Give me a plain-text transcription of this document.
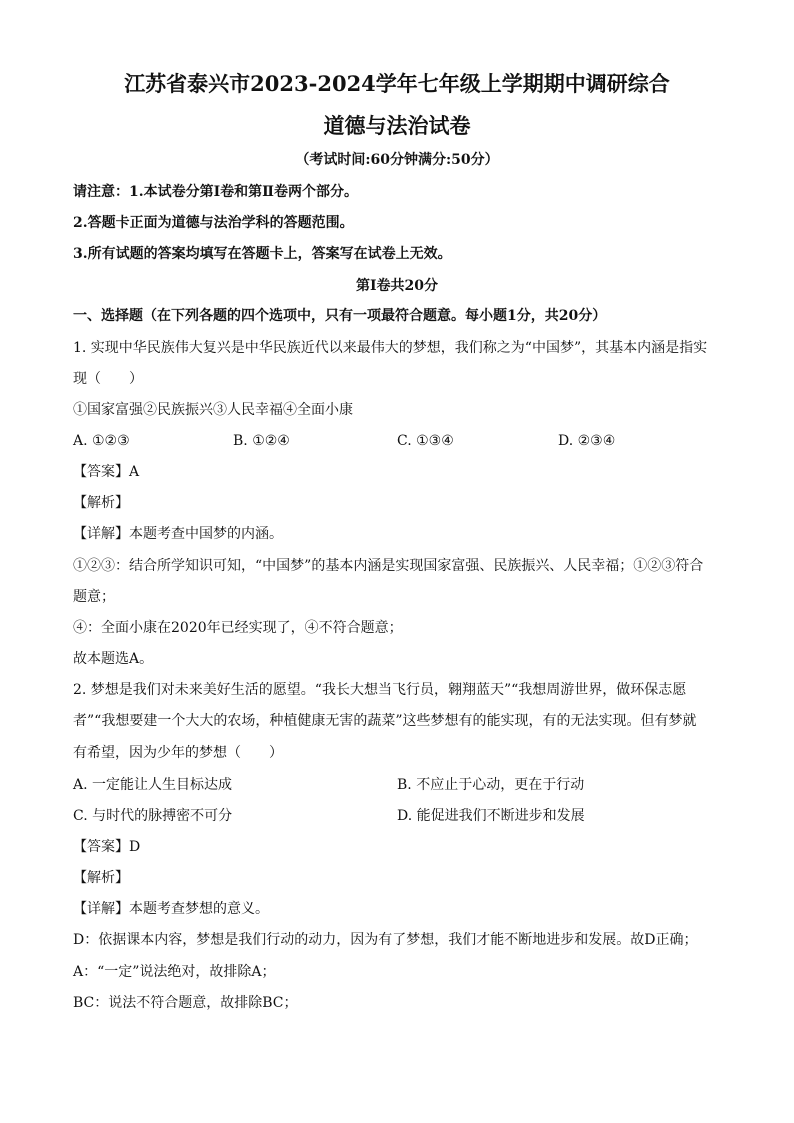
江苏省泰兴市2023-2024学年七年级上学期期中调研综合
道德与法治试卷
（考试时间:60分钟满分:50分）
请注意：1.本试卷分第Ⅰ卷和第Ⅱ卷两个部分。
2.答题卡正面为道德与法治学科的答题范围。
3.所有试题的答案均填写在答题卡上，答案写在试卷上无效。
第Ⅰ卷共20分
一、选择题（在下列各题的四个选项中，只有一项最符合题意。每小题1分，共20分）
1. 实现中华民族伟大复兴是中华民族近代以来最伟大的梦想，我们称之为“中国梦”，其基本内涵是指实
现（　　）
①国家富强②民族振兴③人民幸福④全面小康
A. ①②③	B. ①②④	C. ①③④	D. ②③④
【答案】A
【解析】
【详解】本题考查中国梦的内涵。
①②③：结合所学知识可知，“中国梦”的基本内涵是实现国家富强、民族振兴、人民幸福；①②③符合
题意；
④：全面小康在2020年已经实现了，④不符合题意；
故本题选A。
2. 梦想是我们对未来美好生活的愿望。“我长大想当飞行员，翱翔蓝天”“我想周游世界，做环保志愿
者”“我想要建一个大大的农场，种植健康无害的蔬菜”这些梦想有的能实现，有的无法实现。但有梦就
有希望，因为少年的梦想（　　）
A. 一定能让人生目标达成	B. 不应止于心动，更在于行动
C. 与时代的脉搏密不可分	D. 能促进我们不断进步和发展
【答案】D
【解析】
【详解】本题考查梦想的意义。
D：依据课本内容，梦想是我们行动的动力，因为有了梦想，我们才能不断地进步和发展。故D正确；
A：“一定”说法绝对，故排除A；
BC：说法不符合题意，故排除BC；
